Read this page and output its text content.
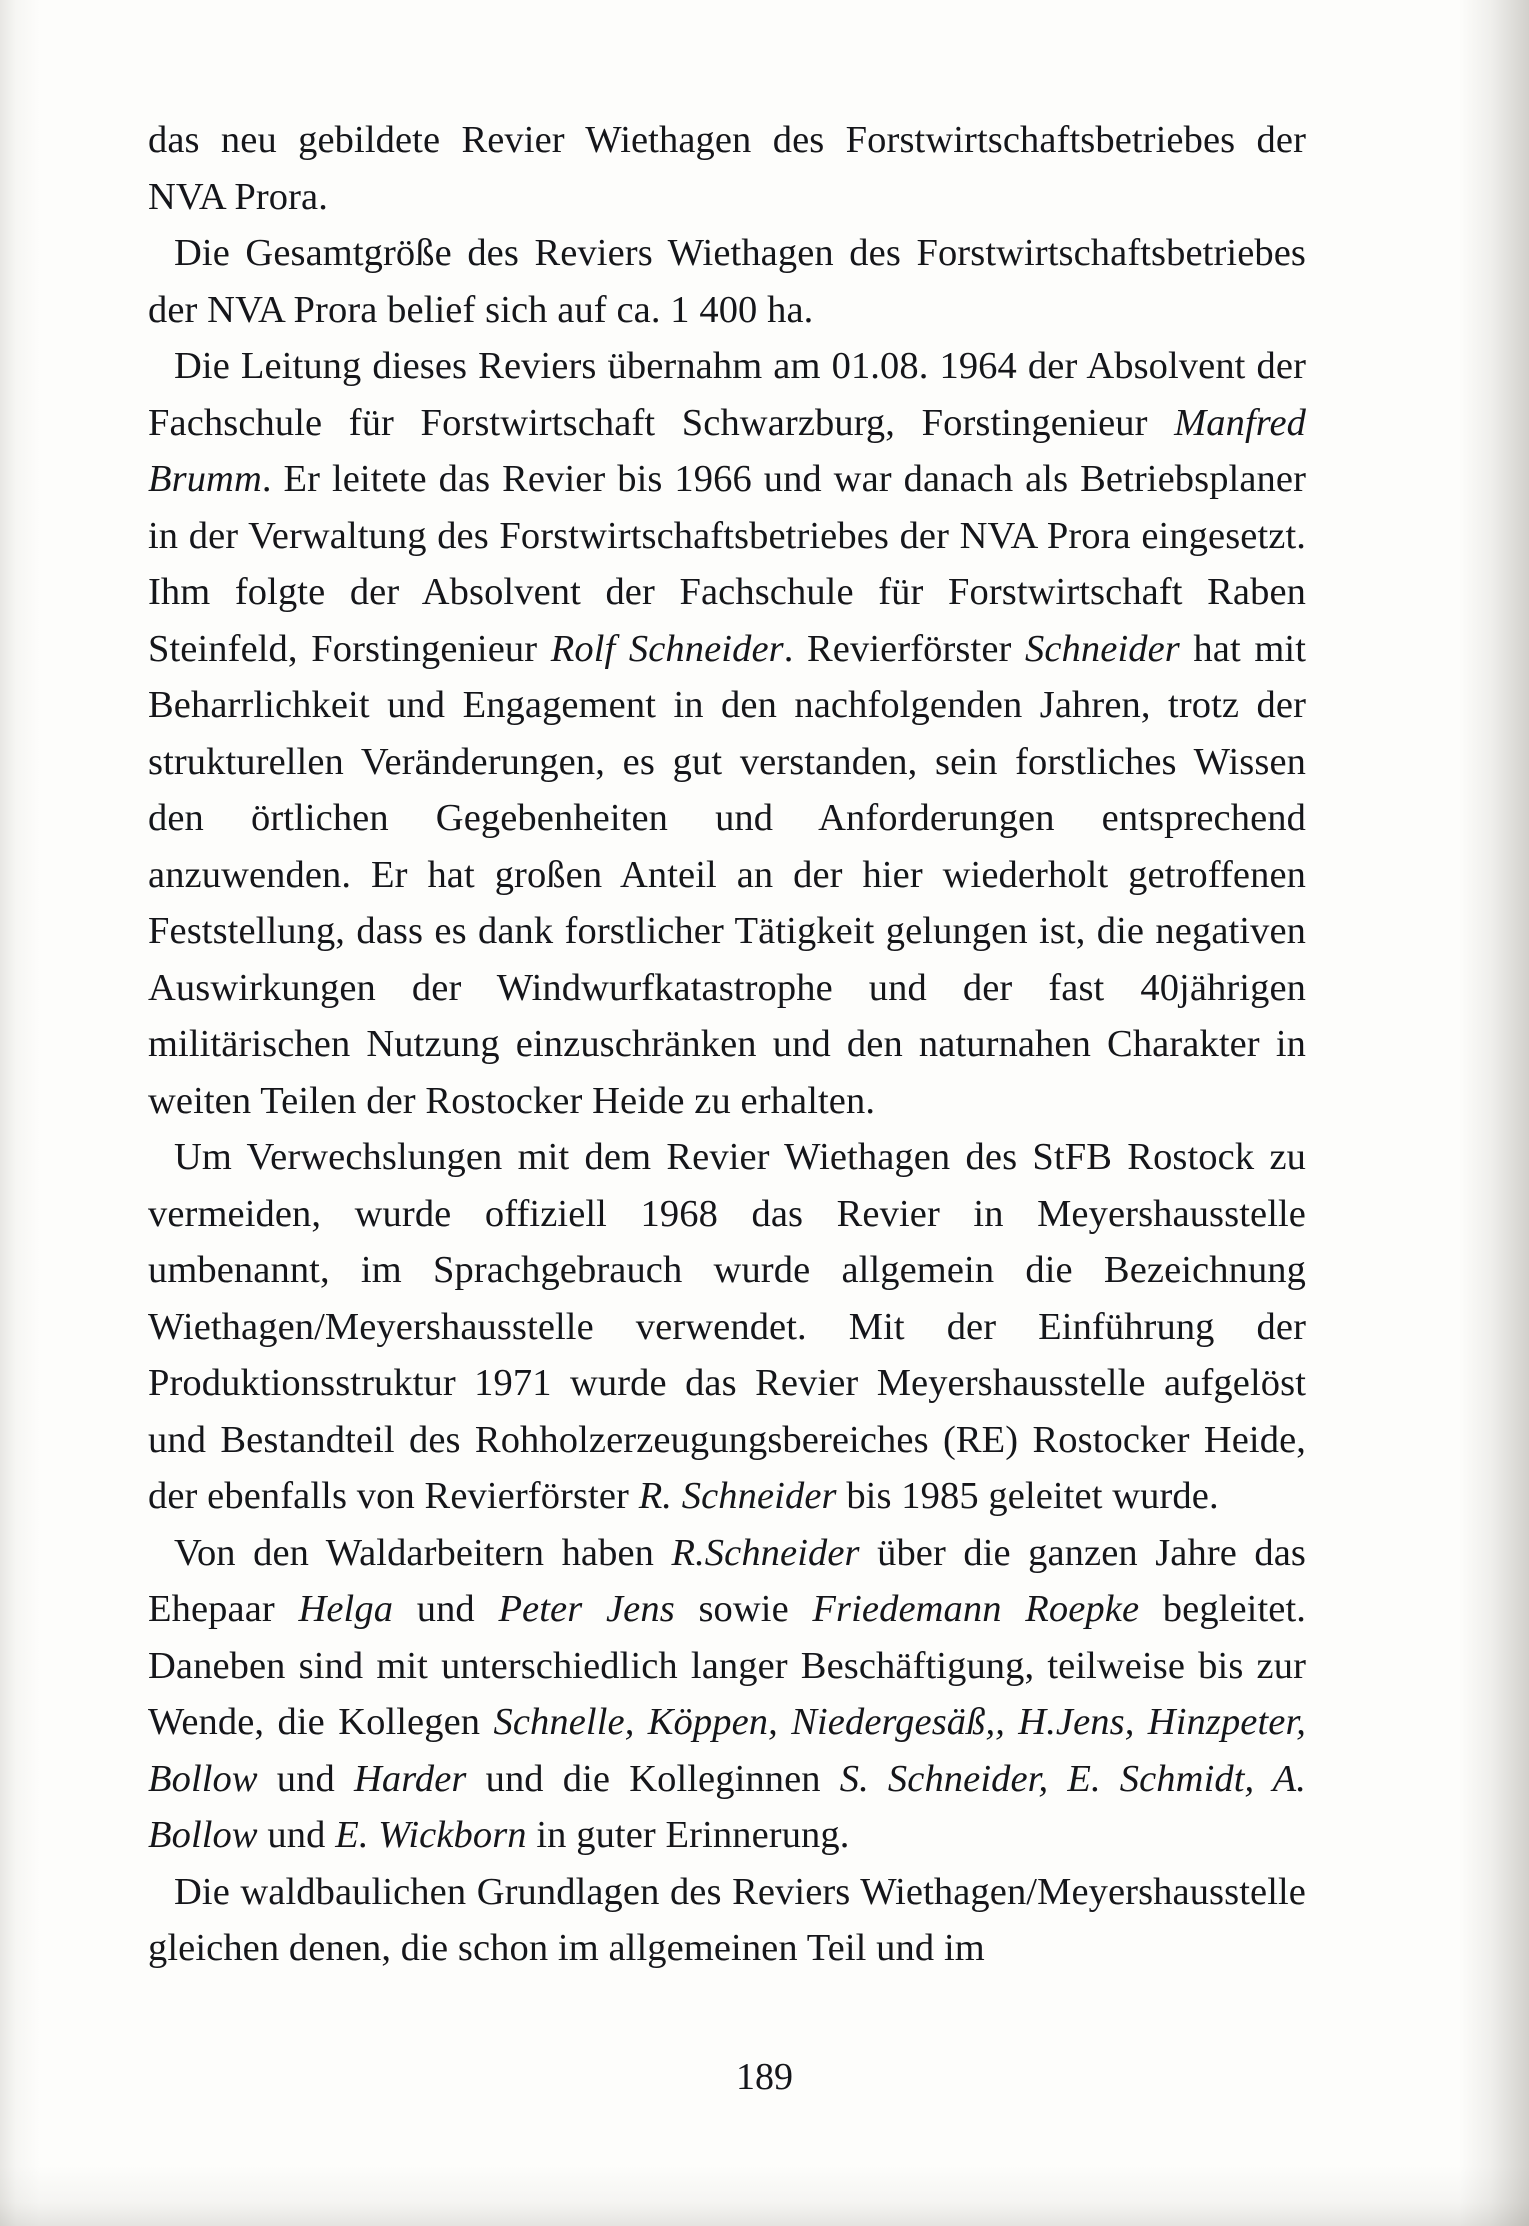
das neu gebildete Revier Wiethagen des Forstwirtschaftsbetriebes der NVA Prora.

Die Gesamtgröße des Reviers Wiethagen des Forstwirtschaftsbetriebes der NVA Prora belief sich auf ca. 1 400 ha.

Die Leitung dieses Reviers übernahm am 01.08. 1964 der Absolvent der Fachschule für Forstwirtschaft Schwarzburg, Forstingenieur Manfred Brumm. Er leitete das Revier bis 1966 und war danach als Betriebsplaner in der Verwaltung des Forstwirtschaftsbetriebes der NVA Prora eingesetzt. Ihm folgte der Absolvent der Fachschule für Forstwirtschaft Raben Steinfeld, Forstingenieur Rolf Schneider. Revierförster Schneider hat mit Beharrlichkeit und Engagement in den nachfolgenden Jahren, trotz der strukturellen Veränderungen, es gut verstanden, sein forstliches Wissen den örtlichen Gegebenheiten und Anforderungen entsprechend anzuwenden. Er hat großen Anteil an der hier wiederholt getroffenen Feststellung, dass es dank forstlicher Tätigkeit gelungen ist, die negativen Auswirkungen der Windwurfkatastrophe und der fast 40jährigen militärischen Nutzung einzuschränken und den naturnahen Charakter in weiten Teilen der Rostocker Heide zu erhalten.

Um Verwechslungen mit dem Revier Wiethagen des StFB Rostock zu vermeiden, wurde offiziell 1968 das Revier in Meyershausstelle umbenannt, im Sprachgebrauch wurde allgemein die Bezeichnung Wiethagen/Meyershausstelle verwendet. Mit der Einführung der Produktionsstruktur 1971 wurde das Revier Meyershausstelle aufgelöst und Bestandteil des Rohholzerzeugungsbereiches (RE) Rostocker Heide, der ebenfalls von Revierförster R. Schneider bis 1985 geleitet wurde.

Von den Waldarbeitern haben R.Schneider über die ganzen Jahre das Ehepaar Helga und Peter Jens sowie Friedemann Roepke begleitet. Daneben sind mit unterschiedlich langer Beschäftigung, teilweise bis zur Wende, die Kollegen Schnelle, Köppen, Niedergesäß,, H.Jens, Hinzpeter, Bollow und Harder und die Kolleginnen S. Schneider, E. Schmidt, A. Bollow und E. Wickborn in guter Erinnerung.

Die waldbaulichen Grundlagen des Reviers Wiethagen/Meyershausstelle gleichen denen, die schon im allgemeinen Teil und im

189
